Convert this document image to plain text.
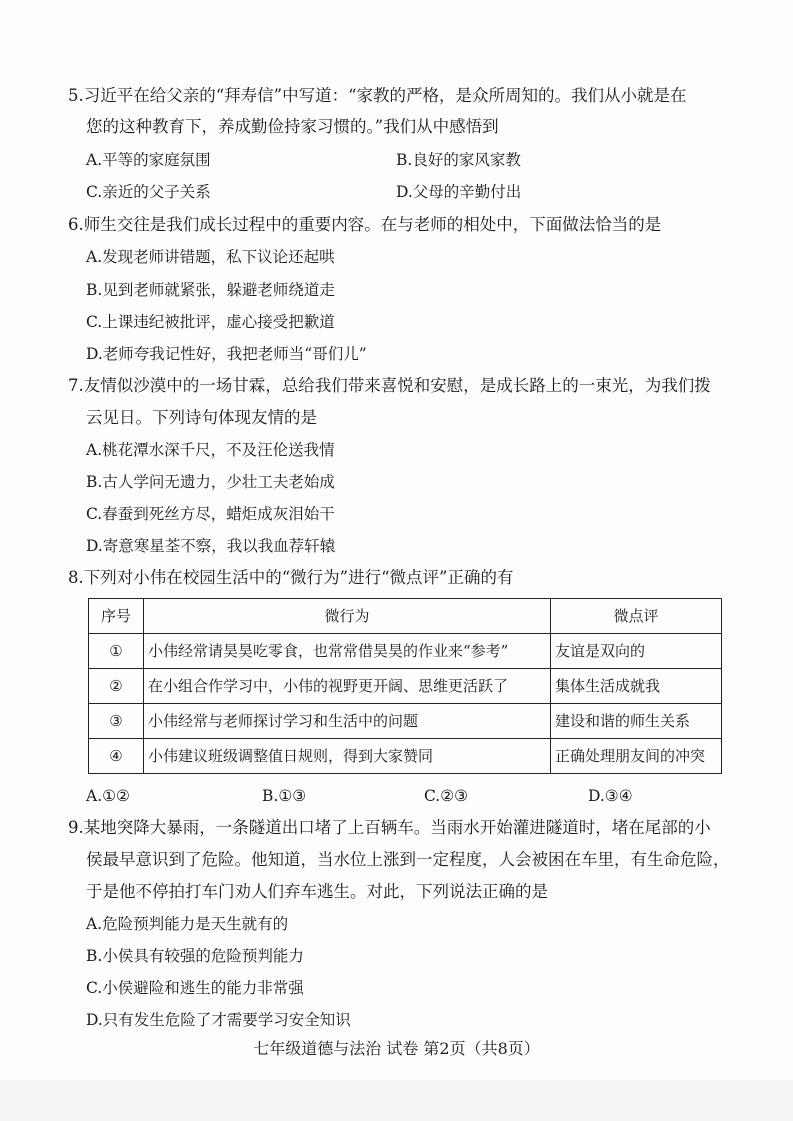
5.习近平在给父亲的“拜寿信”中写道：“家教的严格，是众所周知的。我们从小就是在
您的这种教育下，养成勤俭持家习惯的。”我们从中感悟到
A.平等的家庭氛围	B.良好的家风家教
C.亲近的父子关系	D.父母的辛勤付出
6.师生交往是我们成长过程中的重要内容。在与老师的相处中，下面做法恰当的是
A.发现老师讲错题，私下议论还起哄
B.见到老师就紧张，躲避老师绕道走
C.上课违纪被批评，虚心接受把歉道
D.老师夸我记性好，我把老师当“哥们儿”
7.友情似沙漠中的一场甘霖，总给我们带来喜悦和安慰，是成长路上的一束光，为我们拨
云见日。下列诗句体现友情的是
A.桃花潭水深千尺，不及汪伦送我情
B.古人学问无遗力，少壮工夫老始成
C.春蚕到死丝方尽，蜡炬成灰泪始干
D.寄意寒星荃不察，我以我血荐轩辕
8.下列对小伟在校园生活中的“微行为”进行“微点评”正确的有
序号	微行为	微点评
①	小伟经常请昊昊吃零食，也常常借昊昊的作业来“参考”	友谊是双向的
②	在小组合作学习中，小伟的视野更开阔、思维更活跃了	集体生活成就我
③	小伟经常与老师探讨学习和生活中的问题	建设和谐的师生关系
④	小伟建议班级调整值日规则，得到大家赞同	正确处理朋友间的冲突
A.①②	B.①③	C.②③	D.③④
9.某地突降大暴雨，一条隧道出口堵了上百辆车。当雨水开始灌进隧道时，堵在尾部的小
侯最早意识到了危险。他知道，当水位上涨到一定程度，人会被困在车里，有生命危险，
于是他不停拍打车门劝人们弃车逃生。对此，下列说法正确的是
A.危险预判能力是天生就有的
B.小侯具有较强的危险预判能力
C.小侯避险和逃生的能力非常强
D.只有发生危险了才需要学习安全知识
七年级道德与法治 试卷 第2页（共8页）
